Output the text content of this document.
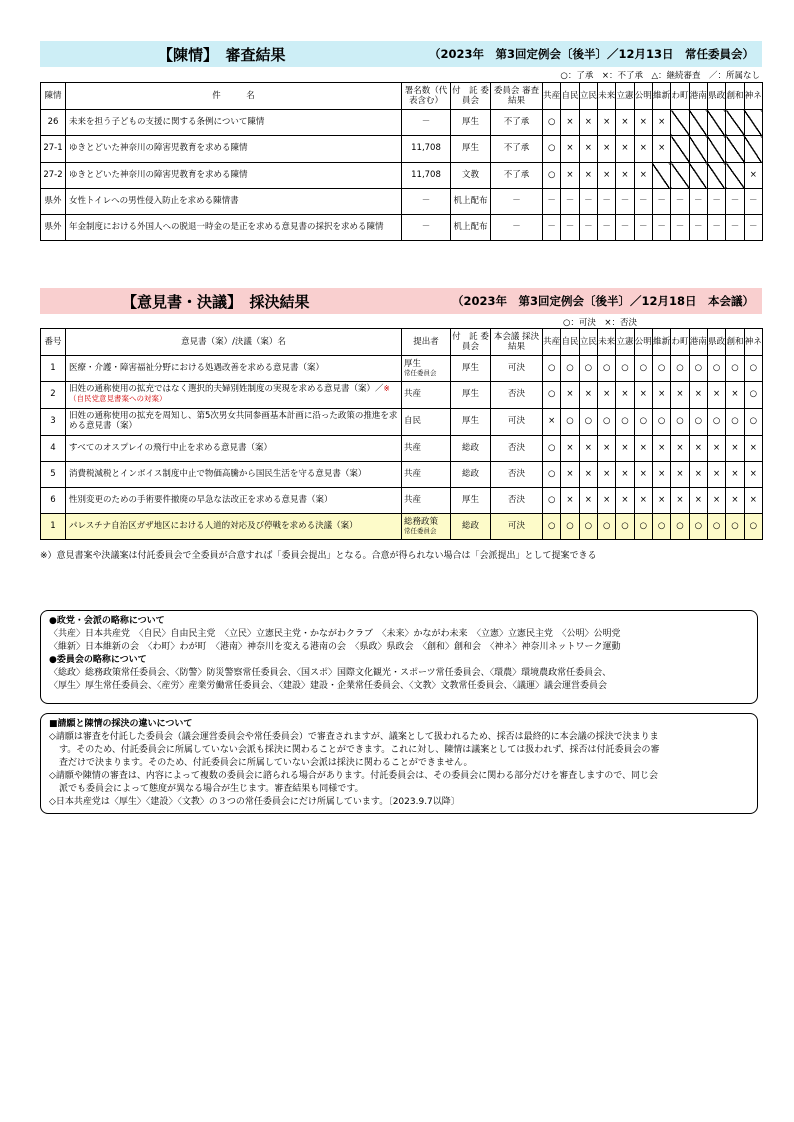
【陳情】　審査結果	（2023年　第3回定例会〔後半〕／12月13日　常任委員会）
○：了承　×：不了承　△：継続審査　／：所属なし
陳情	件　　　名	署名数（代表含む）	付　託 委員会	委員会 審査結果	共産	自民	立民	未来	立憲	公明	維新	わ町	港南	県政	創和	神ネ
26	未来を担う子どもの支援に関する条例について陳情	－	厚生	不了承	○	×	×	×	×	×	×					
27-1	ゆきとどいた神奈川の障害児教育を求める陳情	11,708	厚生	不了承	○	×	×	×	×	×	×					
27-2	ゆきとどいた神奈川の障害児教育を求める陳情	11,708	文教	不了承	○	×	×	×	×	×						×
県外	女性トイレへの男性侵入防止を求める陳情書	－	机上配布	－	－	－	－	－	－	－	－	－	－	－	－	－
県外	年金制度における外国人への脱退一時金の是正を求める意見書の採択を求める陳情	－	机上配布	－	－	－	－	－	－	－	－	－	－	－	－	－
【意見書・決議】　採決結果	（2023年　第3回定例会〔後半〕／12月18日　本会議）
○：可決　×：否決
番号	意見書（案）/決議（案）名	提出者	付　託 委員会	本会議 採決結果	共産	自民	立民	未来	立憲	公明	維新	わ町	港南	県政	創和	神ネ
1	医療・介護・障害福祉分野における処遇改善を求める意見書（案）	厚生
常任委員会	厚生	可決	○	○	○	○	○	○	○	○	○	○	○	○
2	旧姓の通称使用の拡充ではなく選択的夫婦別姓制度の実現を求める意見書（案）／※（自民党意見書案への対案）	共産	厚生	否決	○	×	×	×	×	×	×	×	×	×	×	○
3	旧姓の通称使用の拡充を周知し、第5次男女共同参画基本計画に沿った政策の推進を求める意見書（案）	自民	厚生	可決	×	○	○	○	○	○	○	○	○	○	○	○
4	すべてのオスプレイの飛行中止を求める意見書（案）	共産	総政	否決	○	×	×	×	×	×	×	×	×	×	×	×
5	消費税減税とインボイス制度中止で物価高騰から国民生活を守る意見書（案）	共産	総政	否決	○	×	×	×	×	×	×	×	×	×	×	×
6	性別変更のための手術要件撤廃の早急な法改正を求める意見書（案）	共産	厚生	否決	○	×	×	×	×	×	×	×	×	×	×	×
1	パレスチナ自治区ガザ地区における人道的対応及び停戦を求める決議（案）	総務政策
常任委員会	総政	可決	○	○	○	○	○	○	○	○	○	○	○	○
※）意見書案や決議案は付託委員会で全委員が合意すれば「委員会提出」となる。合意が得られない場合は「会派提出」として提案できる

●政党・会派の略称について

〈共産〉日本共産党　〈自民〉自由民主党　〈立民〉立憲民主党・かながわクラブ　〈未来〉かながわ未来　〈立憲〉立憲民主党　〈公明〉公明党

〈維新〉日本維新の会　〈わ町〉わが町　〈港南〉神奈川を変える港南の会　〈県政〉県政会　〈創和〉創和会　〈神ネ〉神奈川ネットワーク運動

●委員会の略称について

〈総政〉総務政策常任委員会、〈防警〉防災警察常任委員会、〈国スポ〉国際文化観光・スポーツ常任委員会、〈環農〉環境農政常任委員会、

〈厚生〉厚生常任委員会、〈産労〉産業労働常任委員会、〈建設〉建設・企業常任委員会、〈文教〉文教常任委員会、〈議運〉議会運営委員会

■請願と陳情の採決の違いについて

◇請願は審査を付託した委員会（議会運営委員会や常任委員会）で審査されますが、議案として扱われるため、採否は最終的に本会議の採決で決まりま

す。そのため、付託委員会に所属していない会派も採決に関わることができます。これに対し、陳情は議案としては扱われず、採否は付託委員会の審

査だけで決まります。そのため、付託委員会に所属していない会派は採決に関わることができません。

◇請願や陳情の審査は、内容によって複数の委員会に諮られる場合があります。付託委員会は、その委員会に関わる部分だけを審査しますので、同じ会

派でも委員会によって態度が異なる場合が生じます。審査結果も同様です。

◇日本共産党は〈厚生〉〈建設〉〈文教〉の３つの常任委員会にだけ所属しています。〔2023.9.7以降〕
